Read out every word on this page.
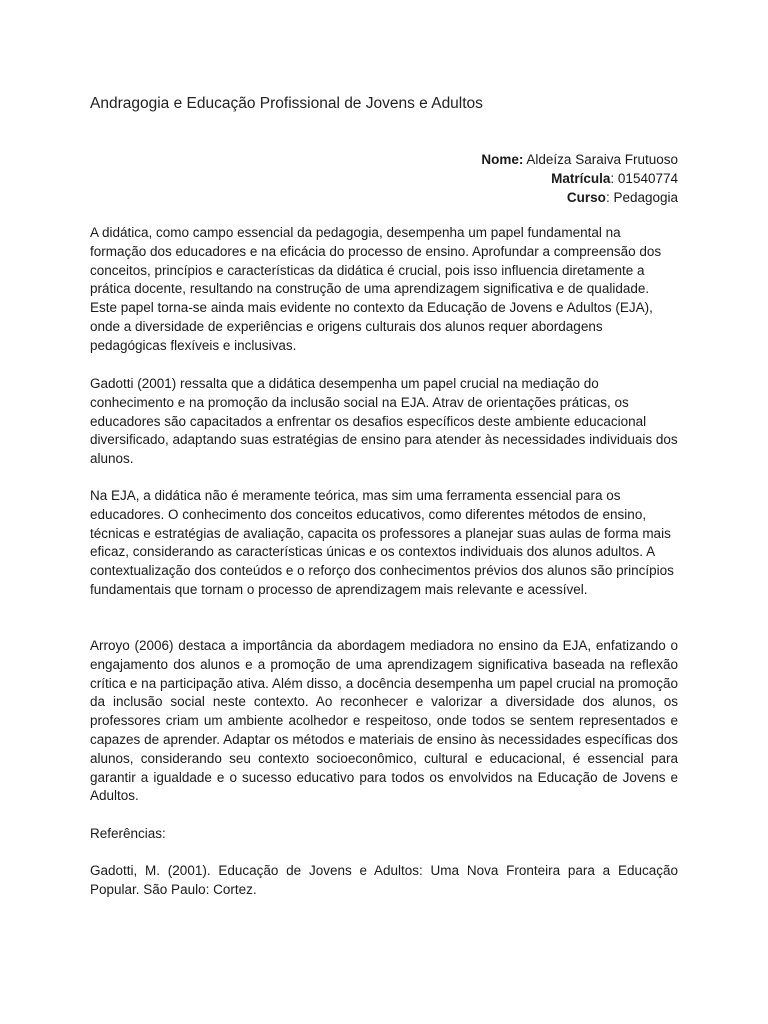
Andragogia e Educação Profissional de Jovens e Adultos
Nome: Aldeíza Saraiva Frutuoso
Matrícula: 01540774
Curso: Pedagogia

A didática, como campo essencial da pedagogia, desempenha um papel fundamental na formação dos educadores e na eficácia do processo de ensino. Aprofundar a compreensão dos conceitos, princípios e características da didática é crucial, pois isso influencia diretamente a prática docente, resultando na construção de uma aprendizagem significativa e de qualidade. Este papel torna-se ainda mais evidente no contexto da Educação de Jovens e Adultos (EJA), onde a diversidade de experiências e origens culturais dos alunos requer abordagens pedagógicas flexíveis e inclusivas.

Gadotti (2001) ressalta que a didática desempenha um papel crucial na mediação do conhecimento e na promoção da inclusão social na EJA. Atrav de orientações práticas, os educadores são capacitados a enfrentar os desafios específicos deste ambiente educacional diversificado, adaptando suas estratégias de ensino para atender às necessidades individuais dos alunos.

Na EJA, a didática não é meramente teórica, mas sim uma ferramenta essencial para os educadores. O conhecimento dos conceitos educativos, como diferentes métodos de ensino, técnicas e estratégias de avaliação, capacita os professores a planejar suas aulas de forma mais eficaz, considerando as características únicas e os contextos individuais dos alunos adultos. A contextualização dos conteúdos e o reforço dos conhecimentos prévios dos alunos são princípios fundamentais que tornam o processo de aprendizagem mais relevante e acessível.

Arroyo (2006) destaca a importância da abordagem mediadora no ensino da EJA, enfatizando o engajamento dos alunos e a promoção de uma aprendizagem significativa baseada na reflexão crítica e na participação ativa. Além disso, a docência desempenha um papel crucial na promoção da inclusão social neste contexto. Ao reconhecer e valorizar a diversidade dos alunos, os professores criam um ambiente acolhedor e respeitoso, onde todos se sentem representados e capazes de aprender. Adaptar os métodos e materiais de ensino às necessidades específicas dos alunos, considerando seu contexto socioeconômico, cultural e educacional, é essencial para garantir a igualdade e o sucesso educativo para todos os envolvidos na Educação de Jovens e Adultos.

Referências:

Gadotti, M. (2001). Educação de Jovens e Adultos: Uma Nova Fronteira para a Educação Popular. São Paulo: Cortez.
